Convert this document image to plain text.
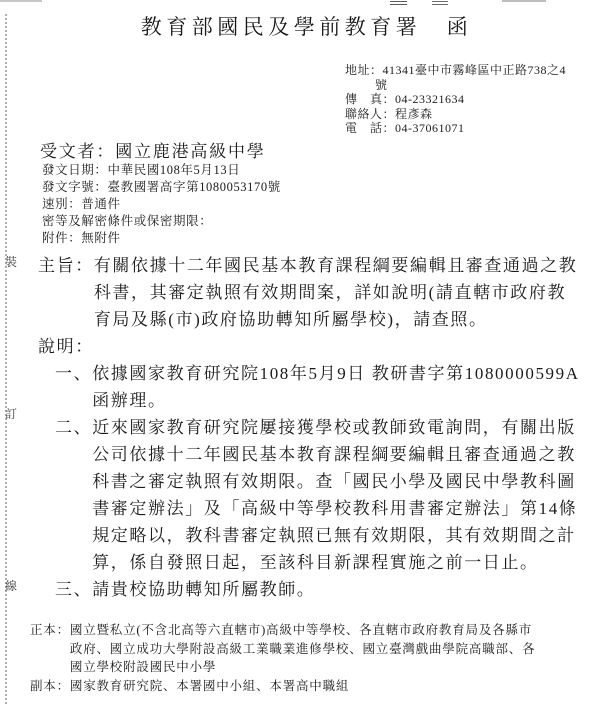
裝
訂
線
教育部國民及學前教育署　函
地址：41341臺中市霧峰區中正路738之4
號
傳　真：04-23321634
聯絡人：程彥森
電　話：04-37061071
受文者：國立鹿港高級中學
發文日期：中華民國108年5月13日
發文字號：臺教國署高字第1080053170號
速別：普通件
密等及解密條件或保密期限：
附件：無附件
主旨： 有關依據十二年國民基本教育課程綱要編輯且審查通過之教科書，其審定執照有效期間案，詳如說明(請直轄市政府教育局及縣(市)政府協助轉知所屬學校)，請查照。
說明：
一、 依據國家教育研究院108年5月9日 教研書字第1080000599A函辦理。
二、 近來國家教育研究院屢接獲學校或教師致電詢問，有關出版公司依據十二年國民基本教育課程綱要編輯且審查通過之教科書之審定執照有效期限。查「國民小學及國民中學教科圖書審定辦法」及「高級中等學校教科用書審定辦法」第14條規定略以，教科書審定執照已無有效期限，其有效期間之計算，係自發照日起，至該科目新課程實施之前一日止。
三、 請貴校協助轉知所屬教師。
正本： 國立暨私立(不含北高等六直轄市)高級中等學校、各直轄市政府教育局及各縣市政府、國立成功大學附設高級工業職業進修學校、國立臺灣戲曲學院高職部、各國立學校附設國民中小學
副本： 國家教育研究院、本署國中小組、本署高中職組
